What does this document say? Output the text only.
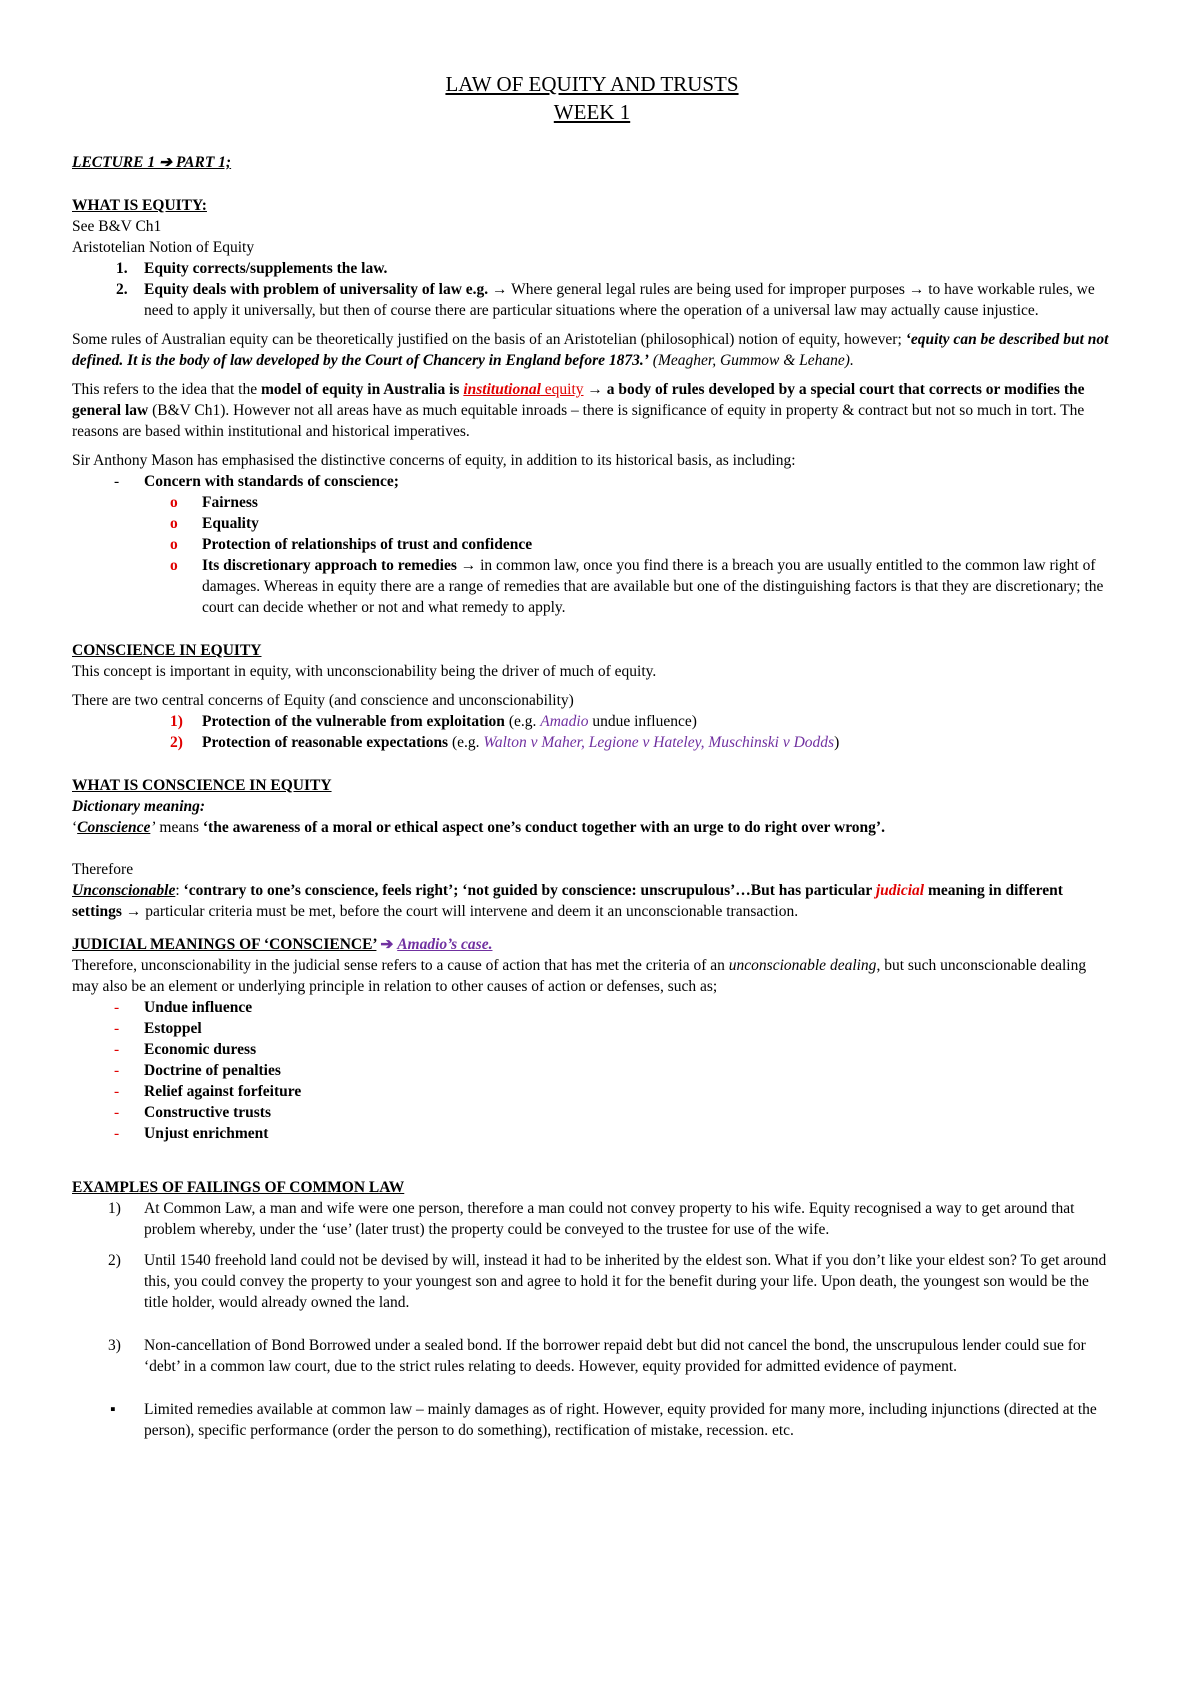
LAW OF EQUITY AND TRUSTS

WEEK 1

LECTURE 1 ➔ PART 1;

WHAT IS EQUITY:

See B&V Ch1

Aristotelian Notion of Equity

1.	Equity corrects/supplements the law.
2.	Equity deals with problem of universality of law e.g. → Where general legal rules are being used for improper purposes → to have workable rules, we need to apply it universally, but then of course there are particular situations where the operation of a universal law may actually cause injustice.

Some rules of Australian equity can be theoretically justified on the basis of an Aristotelian (philosophical) notion of equity, however; ‘equity can be described but not defined. It is the body of law developed by the Court of Chancery in England before 1873.’ (Meagher, Gummow & Lehane).

This refers to the idea that the model of equity in Australia is institutional equity → a body of rules developed by a special court that corrects or modifies the general law (B&V Ch1). However not all areas have as much equitable inroads – there is significance of equity in property & contract but not so much in tort. The reasons are based within institutional and historical imperatives.

Sir Anthony Mason has emphasised the distinctive concerns of equity, in addition to its historical basis, as including:

-	Concern with standards of conscience;
o	Fairness
o	Equality
o	Protection of relationships of trust and confidence
o	Its discretionary approach to remedies → in common law, once you find there is a breach you are usually entitled to the common law right of damages. Whereas in equity there are a range of remedies that are available but one of the distinguishing factors is that they are discretionary; the court can decide whether or not and what remedy to apply.

CONSCIENCE IN EQUITY

This concept is important in equity, with unconscionability being the driver of much of equity.

There are two central concerns of Equity (and conscience and unconscionability)

1)	Protection of the vulnerable from exploitation (e.g. Amadio undue influence)
2)	Protection of reasonable expectations (e.g. Walton v Maher, Legione v Hateley, Muschinski v Dodds)

WHAT IS CONSCIENCE IN EQUITY

Dictionary meaning:

‘Conscience’ means ‘the awareness of a moral or ethical aspect one’s conduct together with an urge to do right over wrong’.

Therefore

Unconscionable: ‘contrary to one’s conscience, feels right’; ‘not guided by conscience: unscrupulous’…But has particular judicial meaning in different settings → particular criteria must be met, before the court will intervene and deem it an unconscionable transaction.

JUDICIAL MEANINGS OF ‘CONSCIENCE’ ➔ Amadio’s case.

Therefore, unconscionability in the judicial sense refers to a cause of action that has met the criteria of an unconscionable dealing, but such unconscionable dealing may also be an element or underlying principle in relation to other causes of action or defenses, such as;

-	Undue influence
-	Estoppel
-	Economic duress
-	Doctrine of penalties
-	Relief against forfeiture
-	Constructive trusts
-	Unjust enrichment

EXAMPLES OF FAILINGS OF COMMON LAW

1)	At Common Law, a man and wife were one person, therefore a man could not convey property to his wife. Equity recognised a way to get around that problem whereby, under the ‘use’ (later trust) the property could be conveyed to the trustee for use of the wife.
2)	Until 1540 freehold land could not be devised by will, instead it had to be inherited by the eldest son. What if you don’t like your eldest son? To get around this, you could convey the property to your youngest son and agree to hold it for the benefit during your life. Upon death, the youngest son would be the title holder, would already owned the land.
3)	Non-cancellation of Bond Borrowed under a sealed bond. If the borrower repaid debt but did not cancel the bond, the unscrupulous lender could sue for ‘debt’ in a common law court, due to the strict rules relating to deeds. However, equity provided for admitted evidence of payment.
▪	Limited remedies available at common law – mainly damages as of right. However, equity provided for many more, including injunctions (directed at the person), specific performance (order the person to do something), rectification of mistake, recession. etc.
